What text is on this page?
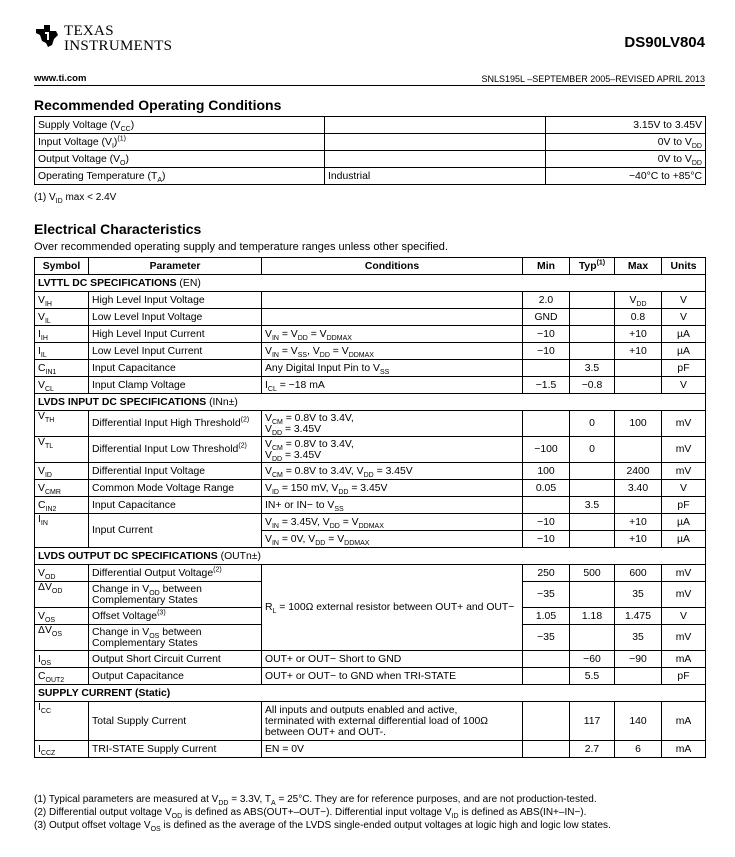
TEXAS
INSTRUMENTS	DS90LV804
www.ti.com	SNLS195L –SEPTEMBER 2005–REVISED APRIL 2013
Recommended Operating Conditions
Supply Voltage $(V_{CC})$		3.15V to 3.45V
Input Voltage $(V_I)^{(1)}$		0V to $V_{DD}$
Output Voltage $(V_O)$		0V to $V_{DD}$
Operating Temperature $(T_A)$	Industrial	−40°C to +85°C
(1) $V_{ID}$ max < 2.4V
Electrical Characteristics
Over recommended operating supply and temperature ranges unless other specified.
Symbol	Parameter	Conditions	Min	Typ$^{(1)}$	Max	Units
LVTTL DC SPECIFICATIONS (EN)						
$V_{IH}$	High Level Input Voltage		2.0		$V_{DD}$	V
$V_{IL}$	Low Level Input Voltage		GND		0.8	V
$I_{IH}$	High Level Input Current	$V_{IN} = V_{DD} = V_{DDMAX}$	−10		+10	µA
$I_{IL}$	Low Level Input Current	$V_{IN} = V_{SS}$, $V_{DD} = V_{DDMAX}$	−10		+10	µA
$C_{IN1}$	Input Capacitance	Any Digital Input Pin to $V_{SS}$		3.5		pF
$V_{CL}$	Input Clamp Voltage	$I_{CL} = -18$ mA	−1.5	−0.8		V
LVDS INPUT DC SPECIFICATIONS (INn±)						
$V_{TH}$	Differential Input High Threshold$^{(2)}$	$V_{CM} = 0.8V$ to 3.4V,
$V_{DD} = 3.45V$		0	100	mV
$V_{TL}$	Differential Input Low Threshold$^{(2)}$	$V_{CM} = 0.8V$ to 3.4V,
$V_{DD} = 3.45V$	−100	0		mV
$V_{ID}$	Differential Input Voltage	$V_{CM} = 0.8V$ to 3.4V, $V_{DD} = 3.45V$	100		2400	mV
$V_{CMR}$	Common Mode Voltage Range	$V_{ID} = 150$ mV, $V_{DD} = 3.45V$	0.05		3.40	V
$C_{IN2}$	Input Capacitance	IN+ or IN− to $V_{SS}$		3.5		pF
$I_{IN}$	Input Current	$V_{IN} = 3.45V$, $V_{DD} = V_{DDMAX}$	−10		+10	µA
		$V_{IN} = 0V$, $V_{DD} = V_{DDMAX}$	−10		+10	µA
LVDS OUTPUT DC SPECIFICATIONS (OUTn±)						
$V_{OD}$	Differential Output Voltage$^{(2)}$	$R_L = 100\Omega$ external resistor between OUT+ and OUT−	250	500	600	mV
$\Delta V_{OD}$	Change in $V_{OD}$ between
Complementary States		−35		35	mV
$V_{OS}$	Offset Voltage$^{(3)}$		1.05	1.18	1.475	V
$\Delta V_{OS}$	Change in $V_{OS}$ between
Complementary States		−35		35	mV
$I_{OS}$	Output Short Circuit Current	OUT+ or OUT− Short to GND		−60	−90	mA
$C_{OUT2}$	Output Capacitance	OUT+ or OUT− to GND when TRI-STATE		5.5		pF
SUPPLY CURRENT (Static)						
$I_{CC}$	Total Supply Current	All inputs and outputs enabled and active,
terminated with external differential load of 100Ω
between OUT+ and OUT-.		117	140	mA
$I_{CCZ}$	TRI-STATE Supply Current	EN = 0V		2.7	6	mA
(1) Typical parameters are measured at $V_{DD} = 3.3V$, $T_A = 25^\circ C$. They are for reference purposes, and are not production-tested.
(2) Differential output voltage $V_{OD}$ is defined as ABS(OUT+–OUT−). Differential input voltage $V_{ID}$ is defined as ABS(IN+–IN−).
(3) Output offset voltage $V_{OS}$ is defined as the average of the LVDS single-ended output voltages at logic high and logic low states.
